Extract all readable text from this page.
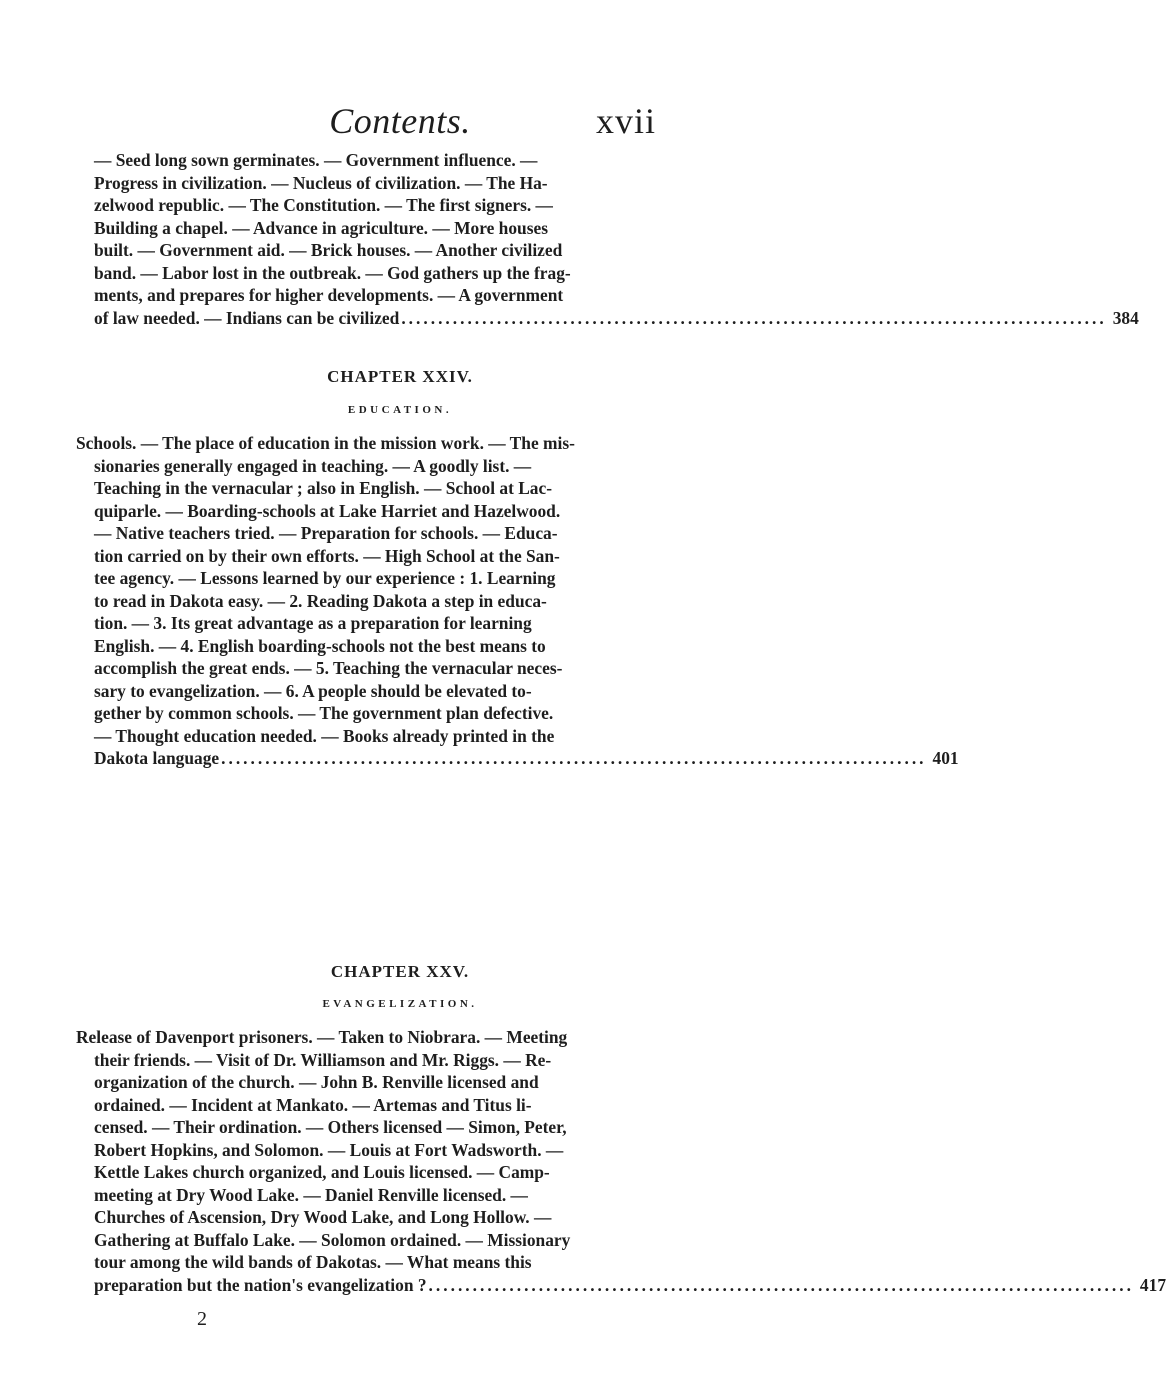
Contents.	xvii

— Seed long sown germinates. — Government influence. —

Progress in civilization. — Nucleus of civilization. — The Ha-

zelwood republic. — The Constitution. — The first signers. —

Building a chapel. — Advance in agriculture. — More houses

built. — Government aid. — Brick houses. — Another civilized

band. — Labor lost in the outbreak. — God gathers up the frag-

ments, and prepares for higher developments. — A government

of law needed. — Indians can be civilized ................................................................................................ 384
CHAPTER XXIV.
EDUCATION.

Schools. — The place of education in the mission work. — The mis-

sionaries generally engaged in teaching. — A goodly list. —

Teaching in the vernacular ; also in English. — School at Lac-

quiparle. — Boarding-schools at Lake Harriet and Hazelwood.

— Native teachers tried. — Preparation for schools. — Educa-

tion carried on by their own efforts. — High School at the San-

tee agency. — Lessons learned by our experience : 1. Learning

to read in Dakota easy. — 2. Reading Dakota a step in educa-

tion. — 3. Its great advantage as a preparation for learning

English. — 4. English boarding-schools not the best means to

accomplish the great ends. — 5. Teaching the vernacular neces-

sary to evangelization. — 6. A people should be elevated to-

gether by common schools. — The government plan defective.

— Thought education needed. — Books already printed in the

Dakota language ................................................................................................ 401
CHAPTER XXV.
EVANGELIZATION.

Release of Davenport prisoners. — Taken to Niobrara. — Meeting

their friends. — Visit of Dr. Williamson and Mr. Riggs. — Re-

organization of the church. — John B. Renville licensed and

ordained. — Incident at Mankato. — Artemas and Titus li-

censed. — Their ordination. — Others licensed — Simon, Peter,

Robert Hopkins, and Solomon. — Louis at Fort Wadsworth. —

Kettle Lakes church organized, and Louis licensed. — Camp-

meeting at Dry Wood Lake. — Daniel Renville licensed. —

Churches of Ascension, Dry Wood Lake, and Long Hollow. —

Gathering at Buffalo Lake. — Solomon ordained. — Missionary

tour among the wild bands of Dakotas. — What means this

preparation but the nation's evangelization ? ................................................................................................ 417
2
